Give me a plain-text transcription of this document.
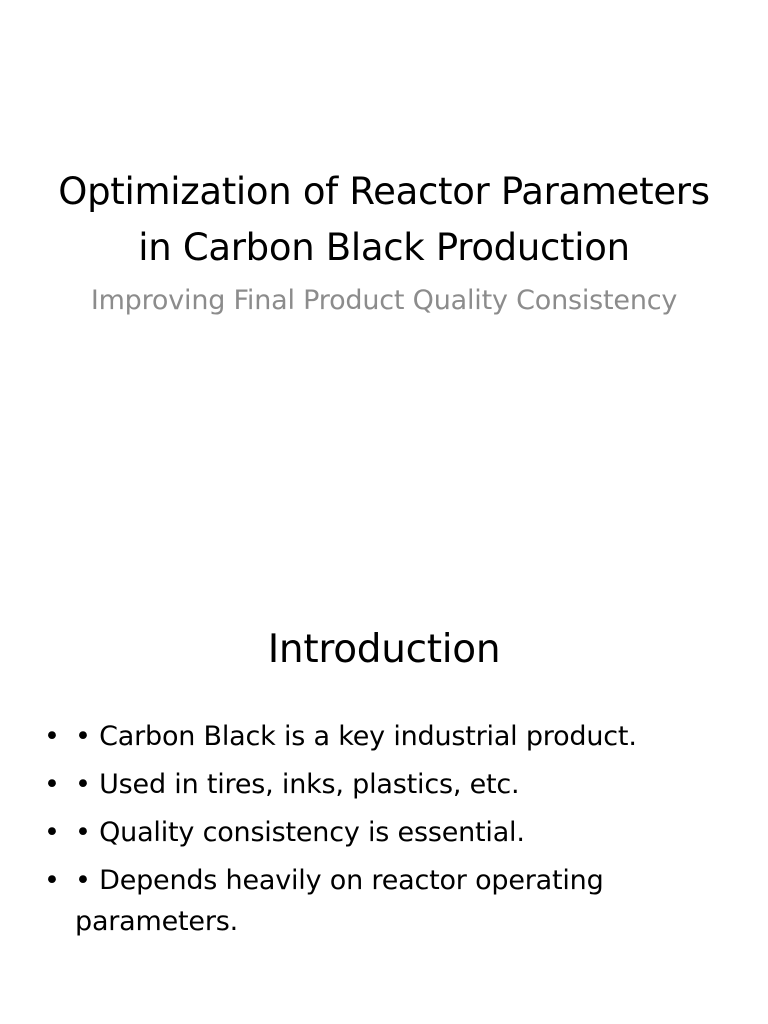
Optimization of Reactor Parameters in Carbon Black Production

Improving Final Product Quality Consistency

Introduction
• • Carbon Black is a key industrial product.
• • Used in tires, inks, plastics, etc.
• • Quality consistency is essential.
• • Depends heavily on reactor operating parameters.
